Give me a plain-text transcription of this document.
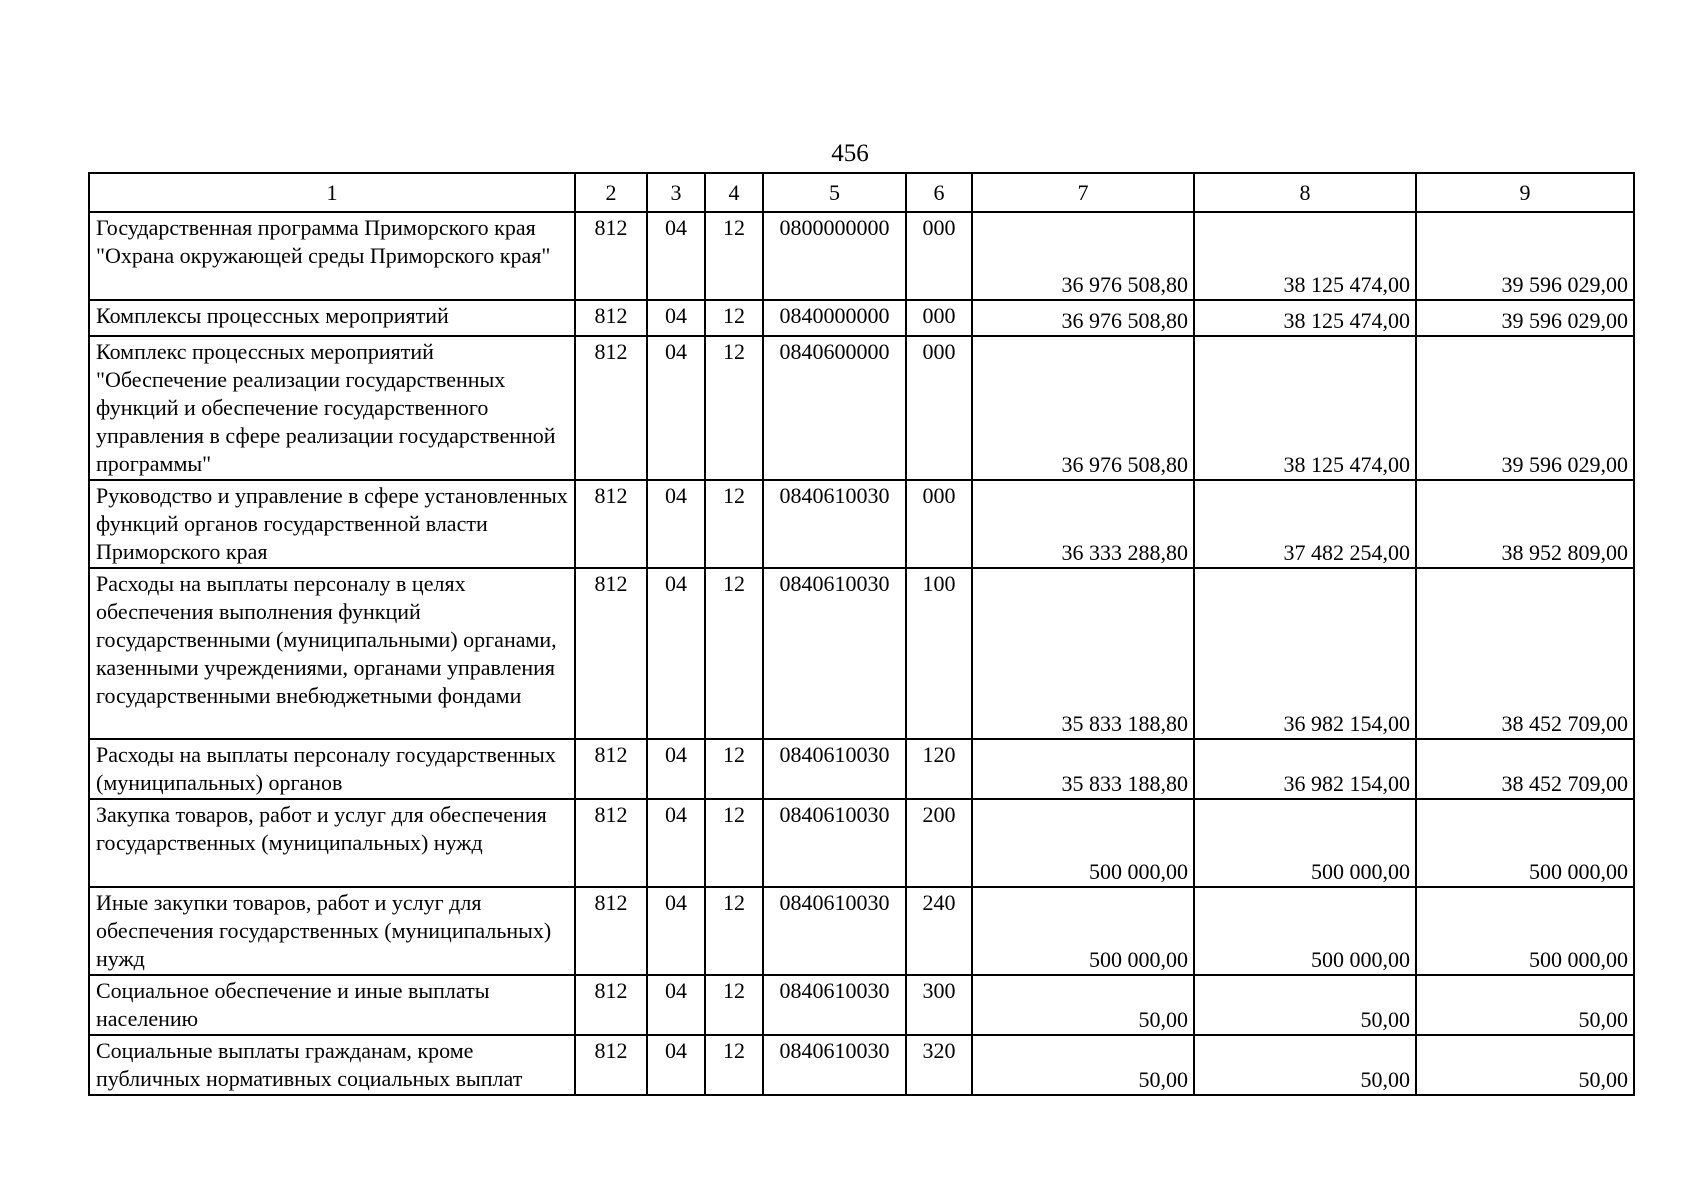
456
1	2	3	4	5	6	7	8	9
Государственная программа Приморского края "Охрана окружающей среды Приморского края"	812	04	12	0800000000	000	36 976 508,80	38 125 474,00	39 596 029,00
Комплексы процессных мероприятий	812	04	12	0840000000	000	36 976 508,80	38 125 474,00	39 596 029,00
Комплекс процессных мероприятий "Обеспечение реализации государственных функций и обеспечение государственного управления в сфере реализации государственной программы"	812	04	12	0840600000	000	36 976 508,80	38 125 474,00	39 596 029,00
Руководство и управление в сфере установленных функций органов государственной власти Приморского края	812	04	12	0840610030	000	36 333 288,80	37 482 254,00	38 952 809,00
Расходы на выплаты персоналу в целях обеспечения выполнения функций государственными (муниципальными) органами, казенными учреждениями, органами управления государственными внебюджетными фондами	812	04	12	0840610030	100	35 833 188,80	36 982 154,00	38 452 709,00
Расходы на выплаты персоналу государственных (муниципальных) органов	812	04	12	0840610030	120	35 833 188,80	36 982 154,00	38 452 709,00
Закупка товаров, работ и услуг для обеспечения государственных (муниципальных) нужд	812	04	12	0840610030	200	500 000,00	500 000,00	500 000,00
Иные закупки товаров, работ и услуг для обеспечения государственных (муниципальных) нужд	812	04	12	0840610030	240	500 000,00	500 000,00	500 000,00
Социальное обеспечение и иные выплаты населению	812	04	12	0840610030	300	50,00	50,00	50,00
Социальные выплаты гражданам, кроме публичных нормативных социальных выплат	812	04	12	0840610030	320	50,00	50,00	50,00
